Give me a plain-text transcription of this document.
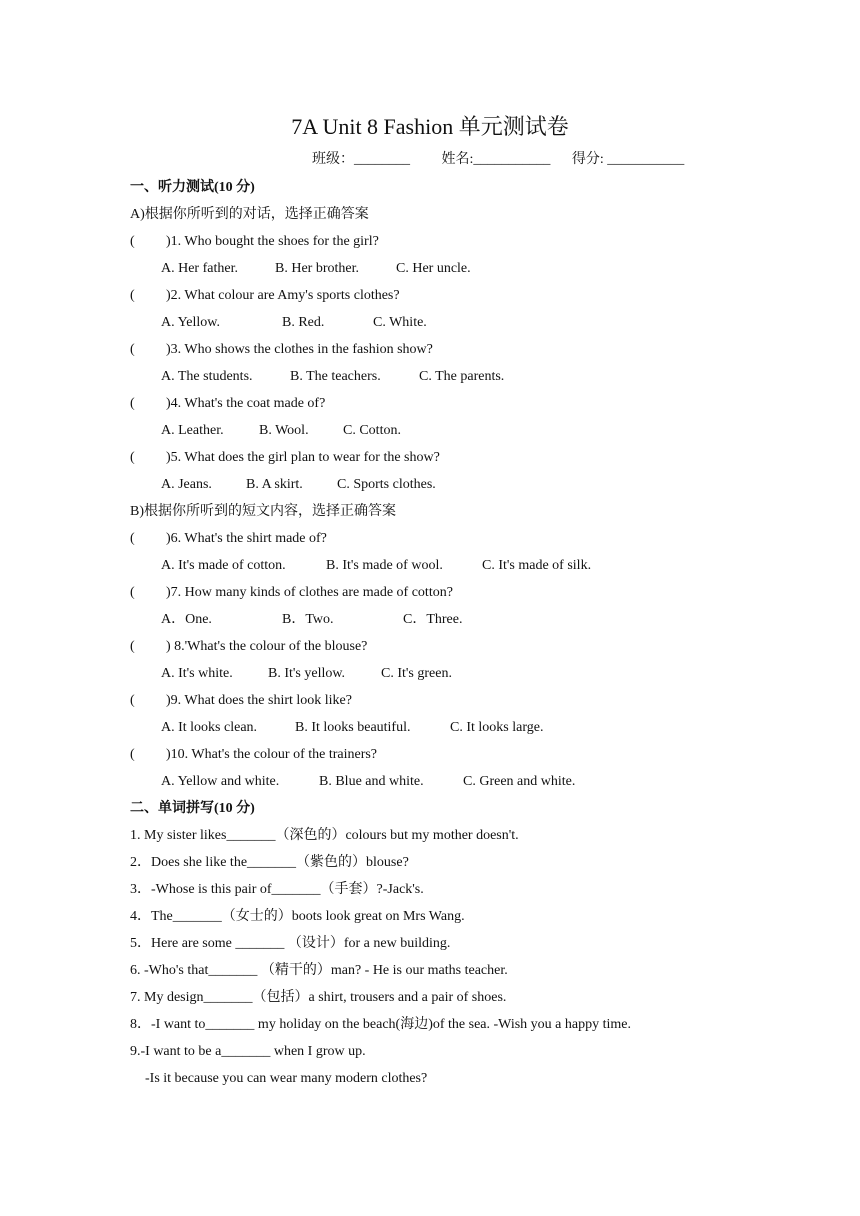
7A Unit 8 Fashion 单元测试卷
班级：________ 姓名:___________ 得分: ___________
一、听力测试(10 分)
A)根据你所听到的对话，选择正确答案
( )1. Who bought the shoes for the girl?
A. Her father.	B. Her brother.	C. Her uncle.
( )2. What colour are Amy's sports clothes?
A. Yellow.	B. Red.	C. White.
( )3. Who shows the clothes in the fashion show?
A. The students.	B. The teachers.	C. The parents.
( )4. What's the coat made of?
A. Leather.	B. Wool. C. Cotton.
( )5. What does the girl plan to wear for the show?
A. Jeans. B. A skirt. C. Sports clothes.
B)根据你所听到的短文内容，选择正确答案
( )6. What's the shirt made of?
A. It's made of cotton.	B. It's made of wool.	C. It's made of silk.
( )7. How many kinds of clothes are made of cotton?
A．One.	B．Two.	C．Three.
( ) 8.'What's the colour of the blouse?
A. It's white.	B. It's yellow.	C. It's green.
( )9. What does the shirt look like?
A. It looks clean.	B. It looks beautiful.	C. It looks large.
( )10. What's the colour of the trainers?
A. Yellow and white.	B. Blue and white.	C. Green and white.
二、单词拼写(10 分)
1. My sister likes_______（深色的）colours but my mother doesn't.
2．Does she like the_______（紫色的）blouse?
3．-Whose is this pair of_______（手套）?-Jack's.
4．The_______（女士的）boots look great on Mrs Wang.
5．Here are some _______ （设计）for a new building.
6. -Who's that_______ （精干的）man? - He is our maths teacher.
7. My design_______（包括）a shirt, trousers and a pair of shoes.
8．-I want to_______ my holiday on the beach(海边)of the sea. -Wish you a happy time.
9.-I want to be a_______ when I grow up.
-Is it because you can wear many modern clothes?
